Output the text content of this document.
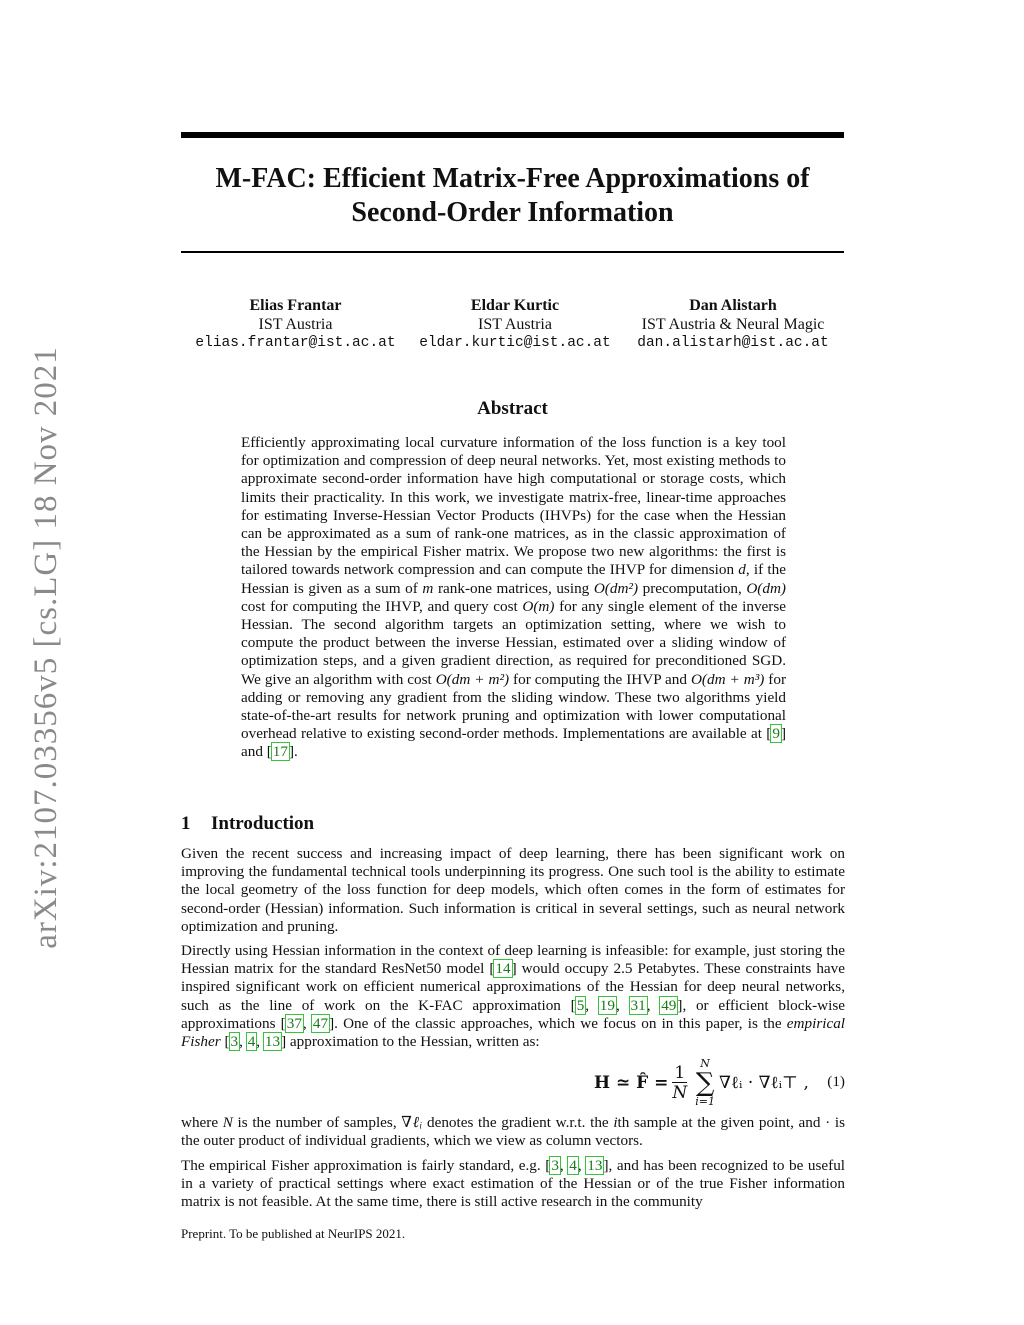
arXiv:2107.03356v5 [cs.LG] 18 Nov 2021
M-FAC: Efficient Matrix-Free Approximations of
Second-Order Information
Elias Frantar
IST Austria
elias.frantar@ist.ac.at
Eldar Kurtic
IST Austria
eldar.kurtic@ist.ac.at
Dan Alistarh
IST Austria & Neural Magic
dan.alistarh@ist.ac.at
Abstract

Efficiently approximating local curvature information of the loss function is a key tool for optimization and compression of deep neural networks. Yet, most existing methods to approximate second-order information have high computational or storage costs, which limits their practicality. In this work, we investigate matrix-free, linear-time approaches for estimating Inverse-Hessian Vector Products (IHVPs) for the case when the Hessian can be approximated as a sum of rank-one matrices, as in the classic approximation of the Hessian by the empirical Fisher matrix. We propose two new algorithms: the first is tailored towards network compression and can compute the IHVP for dimension d, if the Hessian is given as a sum of m rank-one matrices, using O(dm²) precomputation, O(dm) cost for computing the IHVP, and query cost O(m) for any single element of the inverse Hessian. The second algorithm targets an optimization setting, where we wish to compute the product between the inverse Hessian, estimated over a sliding window of optimization steps, and a given gradient direction, as required for preconditioned SGD. We give an algorithm with cost O(dm + m²) for computing the IHVP and O(dm + m³) for adding or removing any gradient from the sliding window. These two algorithms yield state-of-the-art results for network pruning and optimization with lower computational overhead relative to existing second-order methods. Implementations are available at [9] and [17].

1 Introduction

Given the recent success and increasing impact of deep learning, there has been significant work on improving the fundamental technical tools underpinning its progress. One such tool is the ability to estimate the local geometry of the loss function for deep models, which often comes in the form of estimates for second-order (Hessian) information. Such information is critical in several settings, such as neural network optimization and pruning.

Directly using Hessian information in the context of deep learning is infeasible: for example, just storing the Hessian matrix for the standard ResNet50 model [14] would occupy 2.5 Petabytes. These constraints have inspired significant work on efficient numerical approximations of the Hessian for deep neural networks, such as the line of work on the K-FAC approximation [5, 19, 31, 49], or efficient block-wise approximations [37, 47]. One of the classic approaches, which we focus on in this paper, is the empirical Fisher [3, 4, 13] approximation to the Hessian, written as:

H ≃ F̂ = $\frac{1}{N}$ N
∑
i=1
∇ℓᵢ · ∇ℓᵢ⊤ , (1)

where N is the number of samples, ∇ℓᵢ denotes the gradient w.r.t. the ith sample at the given point, and · is the outer product of individual gradients, which we view as column vectors.

The empirical Fisher approximation is fairly standard, e.g. [3, 4, 13], and has been recognized to be useful in a variety of practical settings where exact estimation of the Hessian or of the true Fisher information matrix is not feasible. At the same time, there is still active research in the community

Preprint. To be published at NeurIPS 2021.
